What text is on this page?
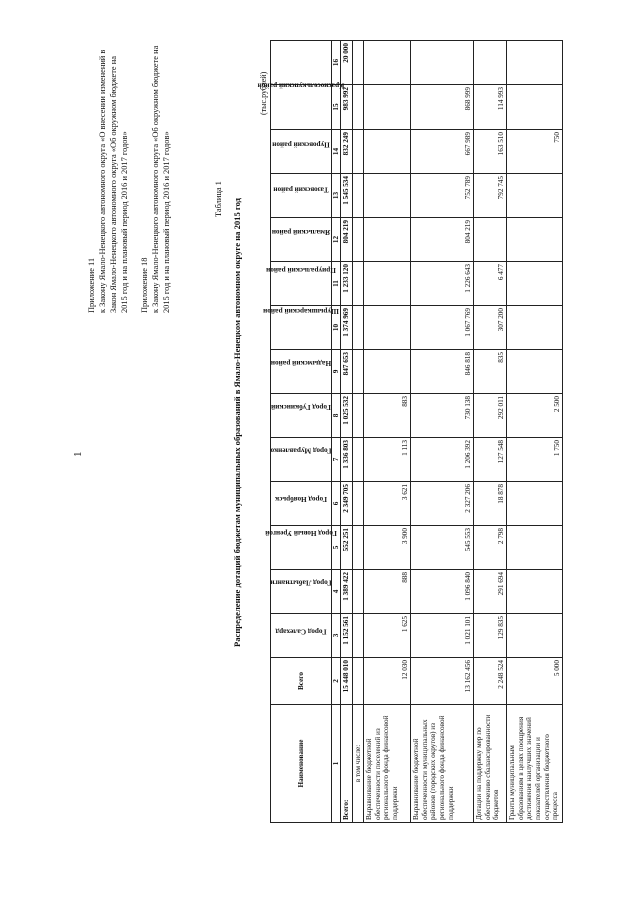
1

Приложение 11 к Закону Ямало-Ненецкого автономного округа «О внесении изменений в Закон Ямало-Ненецкого автономного округа «Об окружном бюджете на 2015 год и на плановый период 2016 и 2017 годов» Приложение 18 к Закону Ямало-Ненецкого автономного округа «Об окружном бюджете на 2015 год и на плановый период 2016 и 2017 годов»	Таблица 1 Распределение дотаций бюджетам муниципальных образований в Ямало-Ненецком автономном округе на 2015 год
(тыс.рублей)
Наименование	Всего	Город Салехард	Город Лабытнанги	Город Новый Уренгой	Город Ноябрьск	Город Муравленко	Город Губкинский	Надымский район	Шурышкарский район	Приуральский район	Ямальский район	Тазовский район	Пуровский район	Красноселькупский район	
1	2	3	4	5	6	7	8	9	10	11	12	13	14	15	16
Всего:	15 448 010	1 152 561	1 389 422	552 251	2 349 705	1 336 803	1 025 532	847 653	1 374 969	1 233 120	804 219	1 545 534	832 249	983 992	20 000
в том числе:															
Выравнивание бюджетной обеспеченности поселений из регионального фонда финансовой поддержки	12 030	1 625	888	3 900	3 621	1 113	883								
Выравнивание бюджетной обеспеченности муниципальных районов (городских округов) из регионального фонда финансовой поддержки	13 162 456	1 021 101	1 096 840	545 553	2 327 206	1 206 392	730 138	846 818	1 067 769	1 226 643	804 219	752 789	667 989	868 999	
Дотации на поддержку мер по обеспечению сбалансированности бюджетов	2 248 524	129 835	291 694	2 798	18 878	127 548	292 011	835	307 200	6 477		792 745	163 510	114 993	
Гранты муниципальным образованиям в целях поощрения достижения наилучших значений показателей организации и осуществления бюджетного процесса	5 000					1 750	2 500						750		
